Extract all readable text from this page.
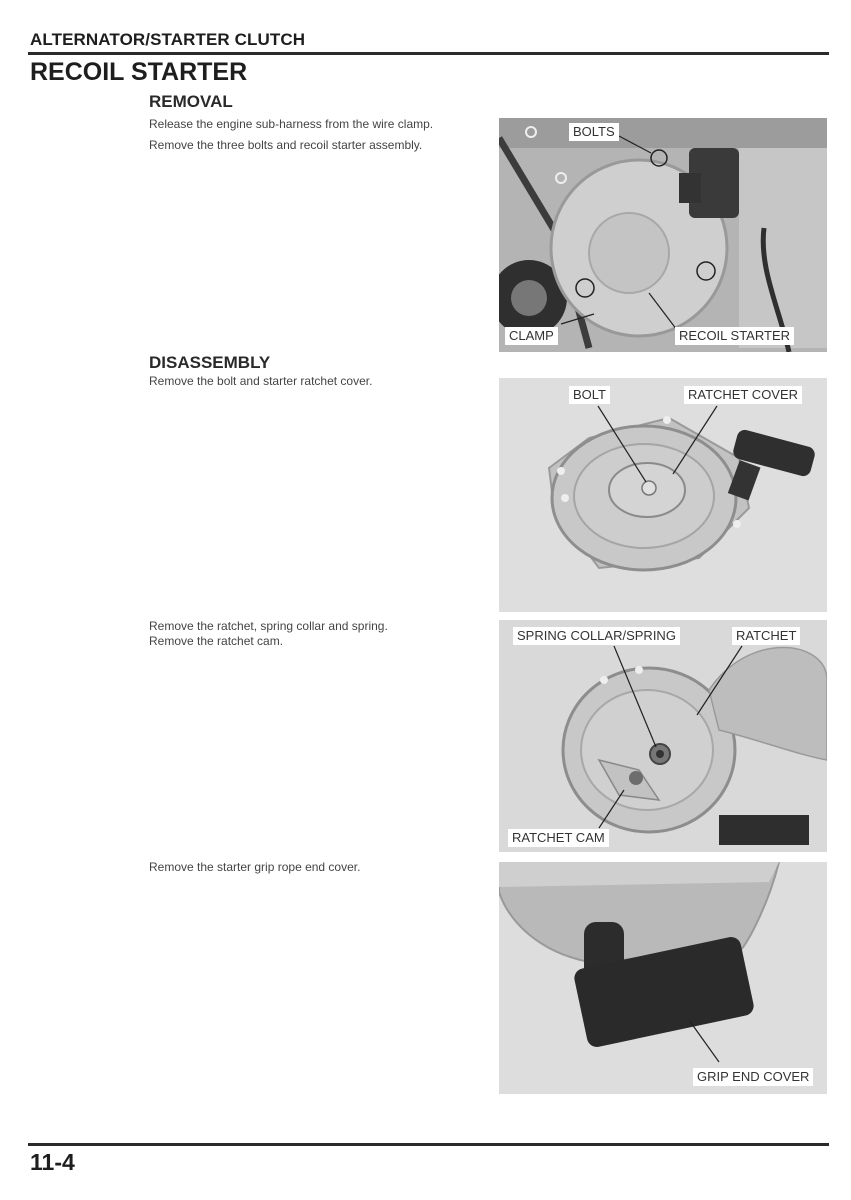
ALTERNATOR/STARTER CLUTCH
RECOIL STARTER
REMOVAL

Release the engine sub-harness from the wire clamp.

Remove the three bolts and recoil starter assembly.

BOLTS
CLAMP	RECOIL STARTER
DISASSEMBLY

Remove the bolt and starter ratchet cover.

BOLT	RATCHET COVER

Remove the ratchet, spring collar and spring.

Remove the ratchet cam.	SPRING COLLAR/SPRING	RATCHET
RATCHET CAM

Remove the starter grip rope end cover.

GRIP END COVER
11-4
